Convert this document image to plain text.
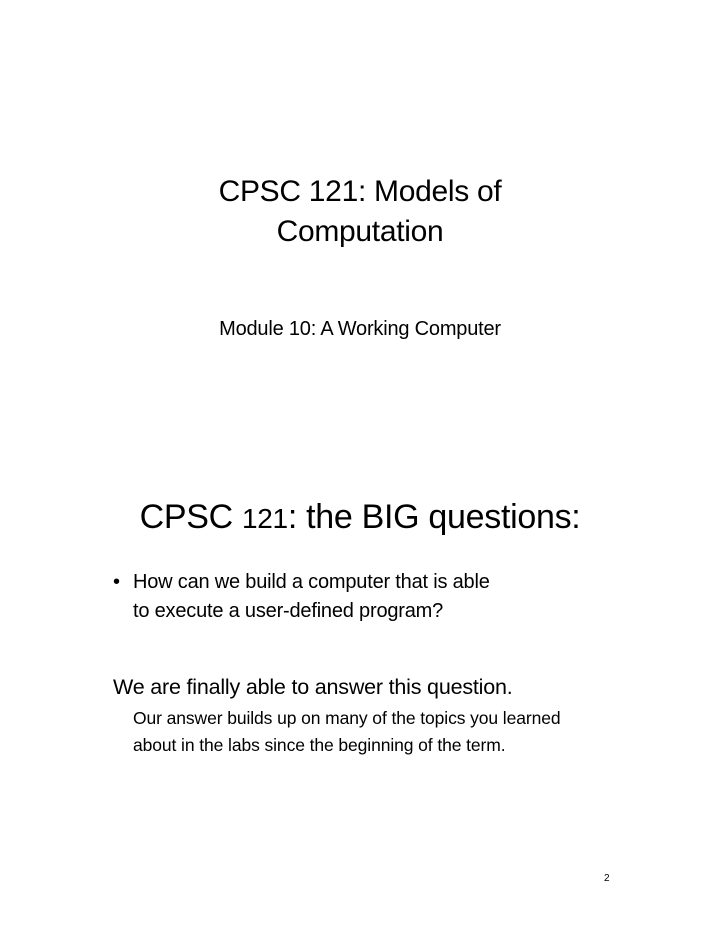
CPSC 121: Models of
Computation
Module 10: A Working Computer
CPSC 121: the BIG questions:
• How can we build a computer that is able
to execute a user-defined program?
We are finally able to answer this question.

Our answer builds up on many of the topics you learned about in the labs since the beginning of the term.

2
